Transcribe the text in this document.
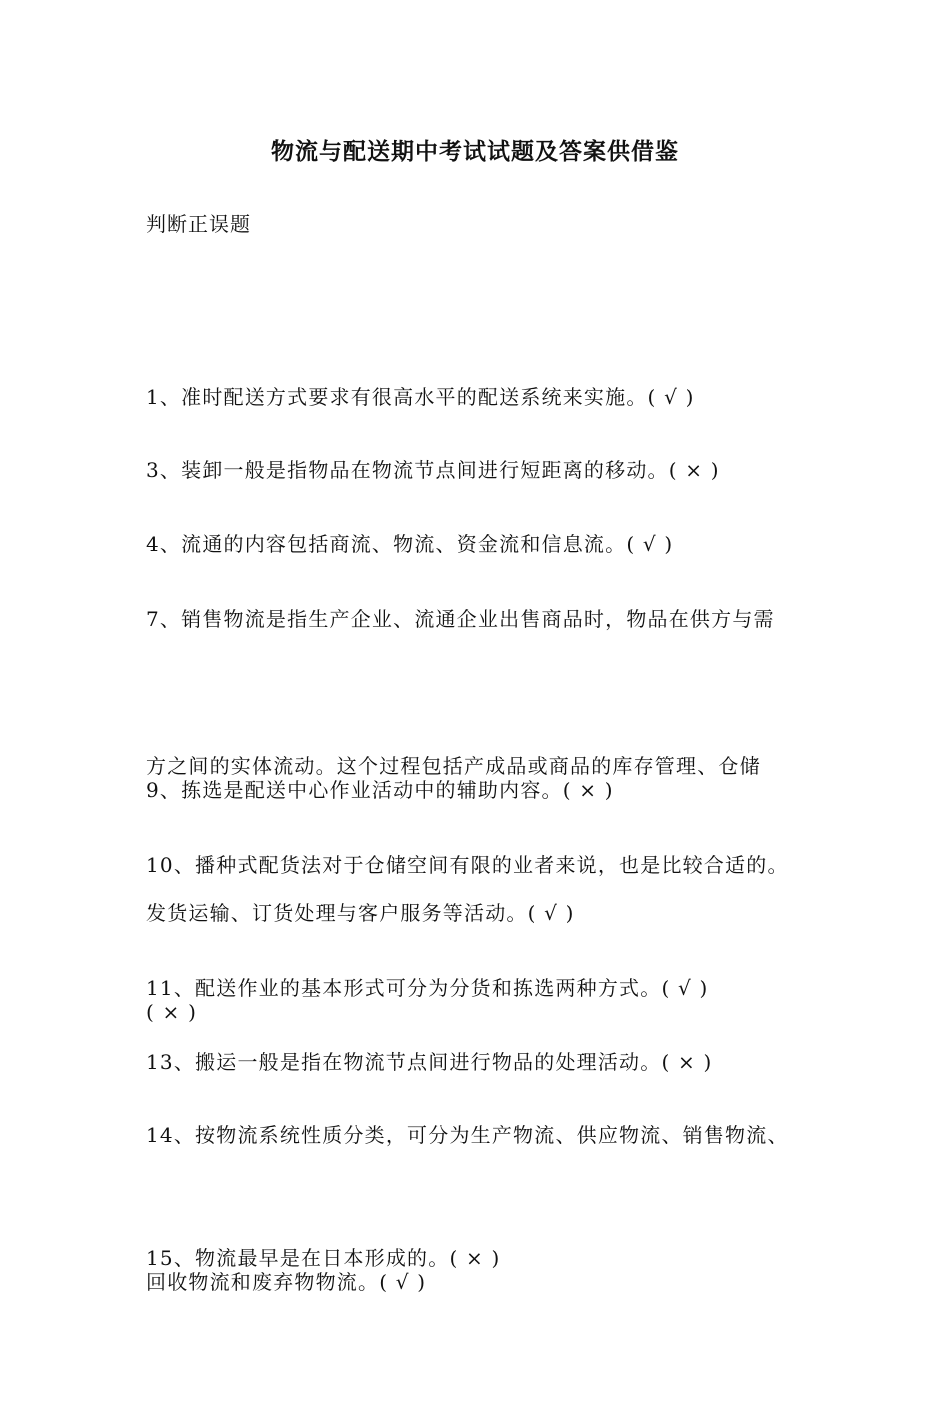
物流与配送期中考试试题及答案供借鉴
判断正误题

1、准时配送方式要求有很高水平的配送系统来实施。( √ )

3、装卸一般是指物品在物流节点间进行短距离的移动。( × )

4、流通的内容包括商流、物流、资金流和信息流。( √ )

7、销售物流是指生产企业、流通企业出售商品时，物品在供方与需

方之间的实体流动。这个过程包括产成品或商品的库存管理、仓储

发货运输、订货处理与客户服务等活动。( √ )

9、拣选是配送中心作业活动中的辅助内容。( × )

10、播种式配货法对于仓储空间有限的业者来说，也是比较合适的。

( × )

11、配送作业的基本形式可分为分货和拣选两种方式。( √ )

13、搬运一般是指在物流节点间进行物品的处理活动。( × )

14、按物流系统性质分类，可分为生产物流、供应物流、销售物流、

回收物流和废弃物物流。( √ )

15、物流最早是在日本形成的。( × )
